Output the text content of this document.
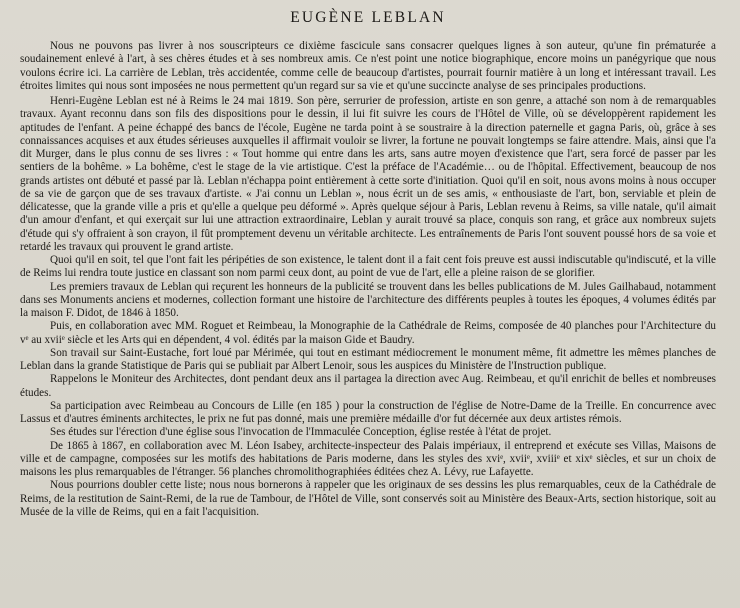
EUGÈNE LEBLAN

Nous ne pouvons pas livrer à nos souscripteurs ce dixième fascicule sans consacrer quelques lignes à son auteur, qu'une fin prématurée a soudainement enlevé à l'art, à ses chères études et à ses nombreux amis. Ce n'est point une notice biographique, encore moins un panégyrique que nous voulons écrire ici. La carrière de Leblan, très accidentée, comme celle de beaucoup d'artistes, pourrait fournir matière à un long et intéressant travail. Les étroites limites qui nous sont imposées ne nous permettent qu'un regard sur sa vie et qu'une succincte analyse de ses principales productions.

Henri-Eugène Leblan est né à Reims le 24 mai 1819. Son père, serrurier de profession, artiste en son genre, a attaché son nom à de remarquables travaux. Ayant reconnu dans son fils des dispositions pour le dessin, il lui fit suivre les cours de l'Hôtel de Ville, où se développèrent rapidement les aptitudes de l'enfant. A peine échappé des bancs de l'école, Eugène ne tarda point à se soustraire à la direction paternelle et gagna Paris, où, grâce à ses connaissances acquises et aux études sérieuses auxquelles il affirmait vouloir se livrer, la fortune ne pouvait longtemps se faire attendre. Mais, ainsi que l'a dit Murger, dans le plus connu de ses livres : « Tout homme qui entre dans les arts, sans autre moyen d'existence que l'art, sera forcé de passer par les sentiers de la bohême. » La bohême, c'est le stage de la vie artistique. C'est la préface de l'Académie… ou de l'hôpital. Effectivement, beaucoup de nos grands artistes ont débuté et passé par là. Leblan n'échappa point entièrement à cette sorte d'initiation. Quoi qu'il en soit, nous avons moins à nous occuper de sa vie de garçon que de ses travaux d'artiste. « J'ai connu un Leblan », nous écrit un de ses amis, « enthousiaste de l'art, bon, serviable et plein de délicatesse, que la grande ville a pris et qu'elle a quelque peu déformé ». Après quelque séjour à Paris, Leblan revenu à Reims, sa ville natale, qu'il aimait d'un amour d'enfant, et qui exerçait sur lui une attraction extraordinaire, Leblan y aurait trouvé sa place, conquis son rang, et grâce aux nombreux sujets d'étude qui s'y offraient à son crayon, il fût promptement devenu un véritable architecte. Les entraînements de Paris l'ont souvent poussé hors de sa voie et retardé les travaux qui prouvent le grand artiste.

Quoi qu'il en soit, tel que l'ont fait les péripéties de son existence, le talent dont il a fait cent fois preuve est aussi indiscutable qu'indiscuté, et la ville de Reims lui rendra toute justice en classant son nom parmi ceux dont, au point de vue de l'art, elle a pleine raison de se glorifier.

Les premiers travaux de Leblan qui reçurent les honneurs de la publicité se trouvent dans les belles publications de M. Jules Gailhabaud, notamment dans ses Monuments anciens et modernes, collection formant une histoire de l'architecture des différents peuples à toutes les époques, 4 volumes édités par la maison F. Didot, de 1846 à 1850.

Puis, en collaboration avec MM. Roguet et Reimbeau, la Monographie de la Cathédrale de Reims, composée de 40 planches pour l'Architecture du vᵉ au xviiᵉ siècle et les Arts qui en dépendent, 4 vol. édités par la maison Gide et Baudry.

Son travail sur Saint-Eustache, fort loué par Mérimée, qui tout en estimant médiocrement le monument même, fit admettre les mêmes planches de Leblan dans la grande Statistique de Paris qui se publiait par Albert Lenoir, sous les auspices du Ministère de l'Instruction publique.

Rappelons le Moniteur des Architectes, dont pendant deux ans il partagea la direction avec Aug. Reimbeau, et qu'il enrichit de belles et nombreuses études.

Sa participation avec Reimbeau au Concours de Lille (en 185 ) pour la construction de l'église de Notre-Dame de la Treille. En concurrence avec Lassus et d'autres éminents architectes, le prix ne fut pas donné, mais une première médaille d'or fut décernée aux deux artistes rémois.

Ses études sur l'érection d'une église sous l'invocation de l'Immaculée Conception, église restée à l'état de projet.

De 1865 à 1867, en collaboration avec M. Léon Isabey, architecte-inspecteur des Palais impériaux, il entreprend et exécute ses Villas, Maisons de ville et de campagne, composées sur les motifs des habitations de Paris moderne, dans les styles des xviᵉ, xviiᵉ, xviiiᵉ et xixᵉ siècles, et sur un choix de maisons les plus remarquables de l'étranger. 56 planches chromolithographiées éditées chez A. Lévy, rue Lafayette.

Nous pourrions doubler cette liste; nous nous bornerons à rappeler que les originaux de ses dessins les plus remarquables, ceux de la Cathédrale de Reims, de la restitution de Saint-Remi, de la rue de Tambour, de l'Hôtel de Ville, sont conservés soit au Ministère des Beaux-Arts, section historique, soit au Musée de la ville de Reims, qui en a fait l'acquisition.
